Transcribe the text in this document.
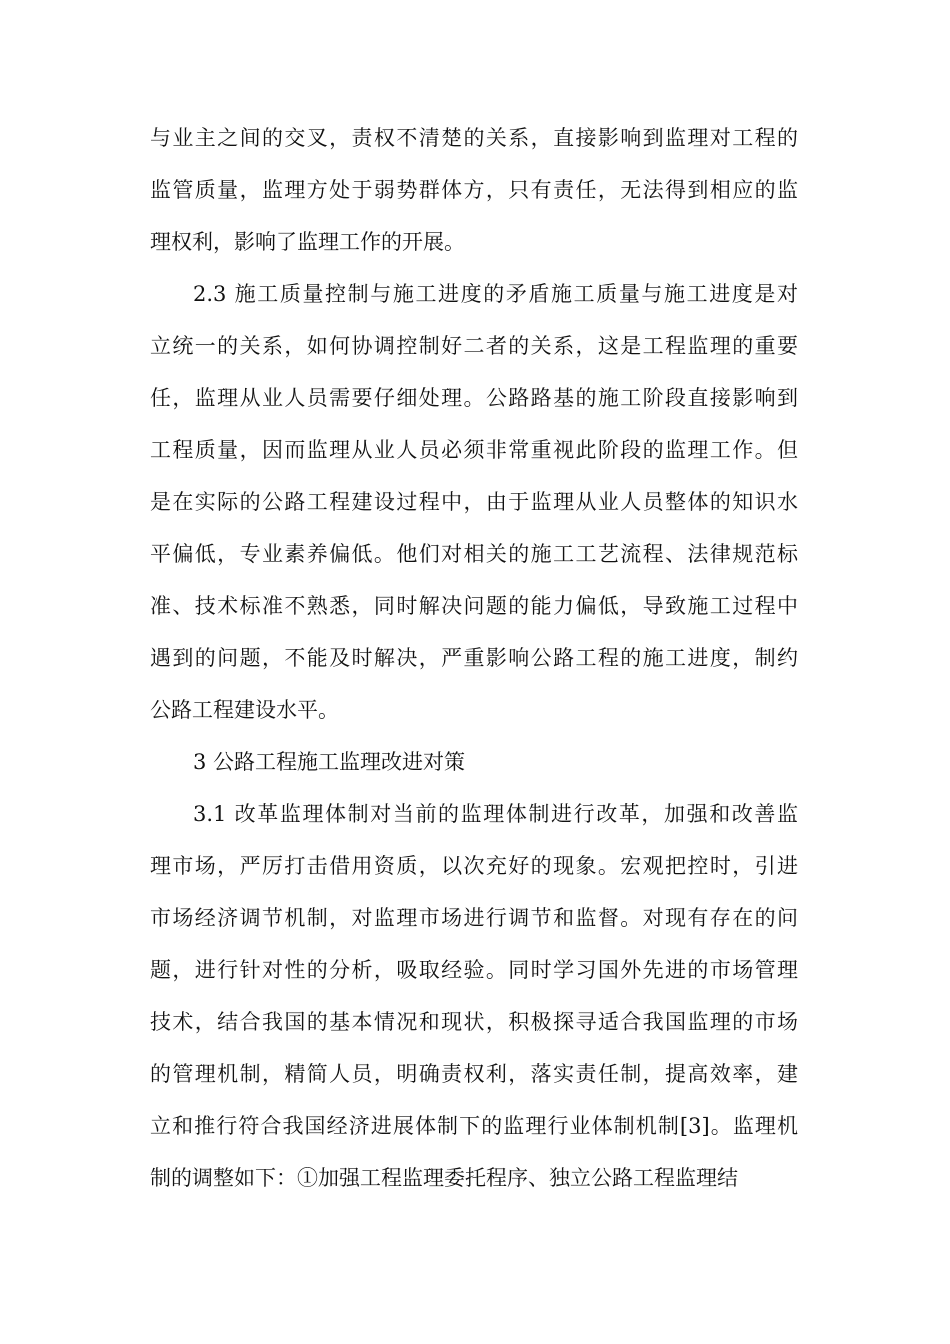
与业主之间的交叉，责权不清楚的关系，直接影响到监理对工程的

监管质量，监理方处于弱势群体方，只有责任，无法得到相应的监

理权利，影响了监理工作的开展。

2.3 施工质量控制与施工进度的矛盾施工质量与施工进度是对

立统一的关系，如何协调控制好二者的关系，这是工程监理的重要

任，监理从业人员需要仔细处理。公路路基的施工阶段直接影响到

工程质量，因而监理从业人员必须非常重视此阶段的监理工作。但

是在实际的公路工程建设过程中，由于监理从业人员整体的知识水

平偏低，专业素养偏低。他们对相关的施工工艺流程、法律规范标

准、技术标准不熟悉，同时解决问题的能力偏低，导致施工过程中

遇到的问题，不能及时解决，严重影响公路工程的施工进度，制约

公路工程建设水平。

3 公路工程施工监理改进对策

3.1 改革监理体制对当前的监理体制进行改革，加强和改善监

理市场，严厉打击借用资质，以次充好的现象。宏观把控时，引进

市场经济调节机制，对监理市场进行调节和监督。对现有存在的问

题，进行针对性的分析，吸取经验。同时学习国外先进的市场管理

技术，结合我国的基本情况和现状，积极探寻适合我国监理的市场

的管理机制，精简人员，明确责权利，落实责任制，提高效率，建

立和推行符合我国经济进展体制下的监理行业体制机制[3]。监理机

制的调整如下：①加强工程监理委托程序、独立公路工程监理结
